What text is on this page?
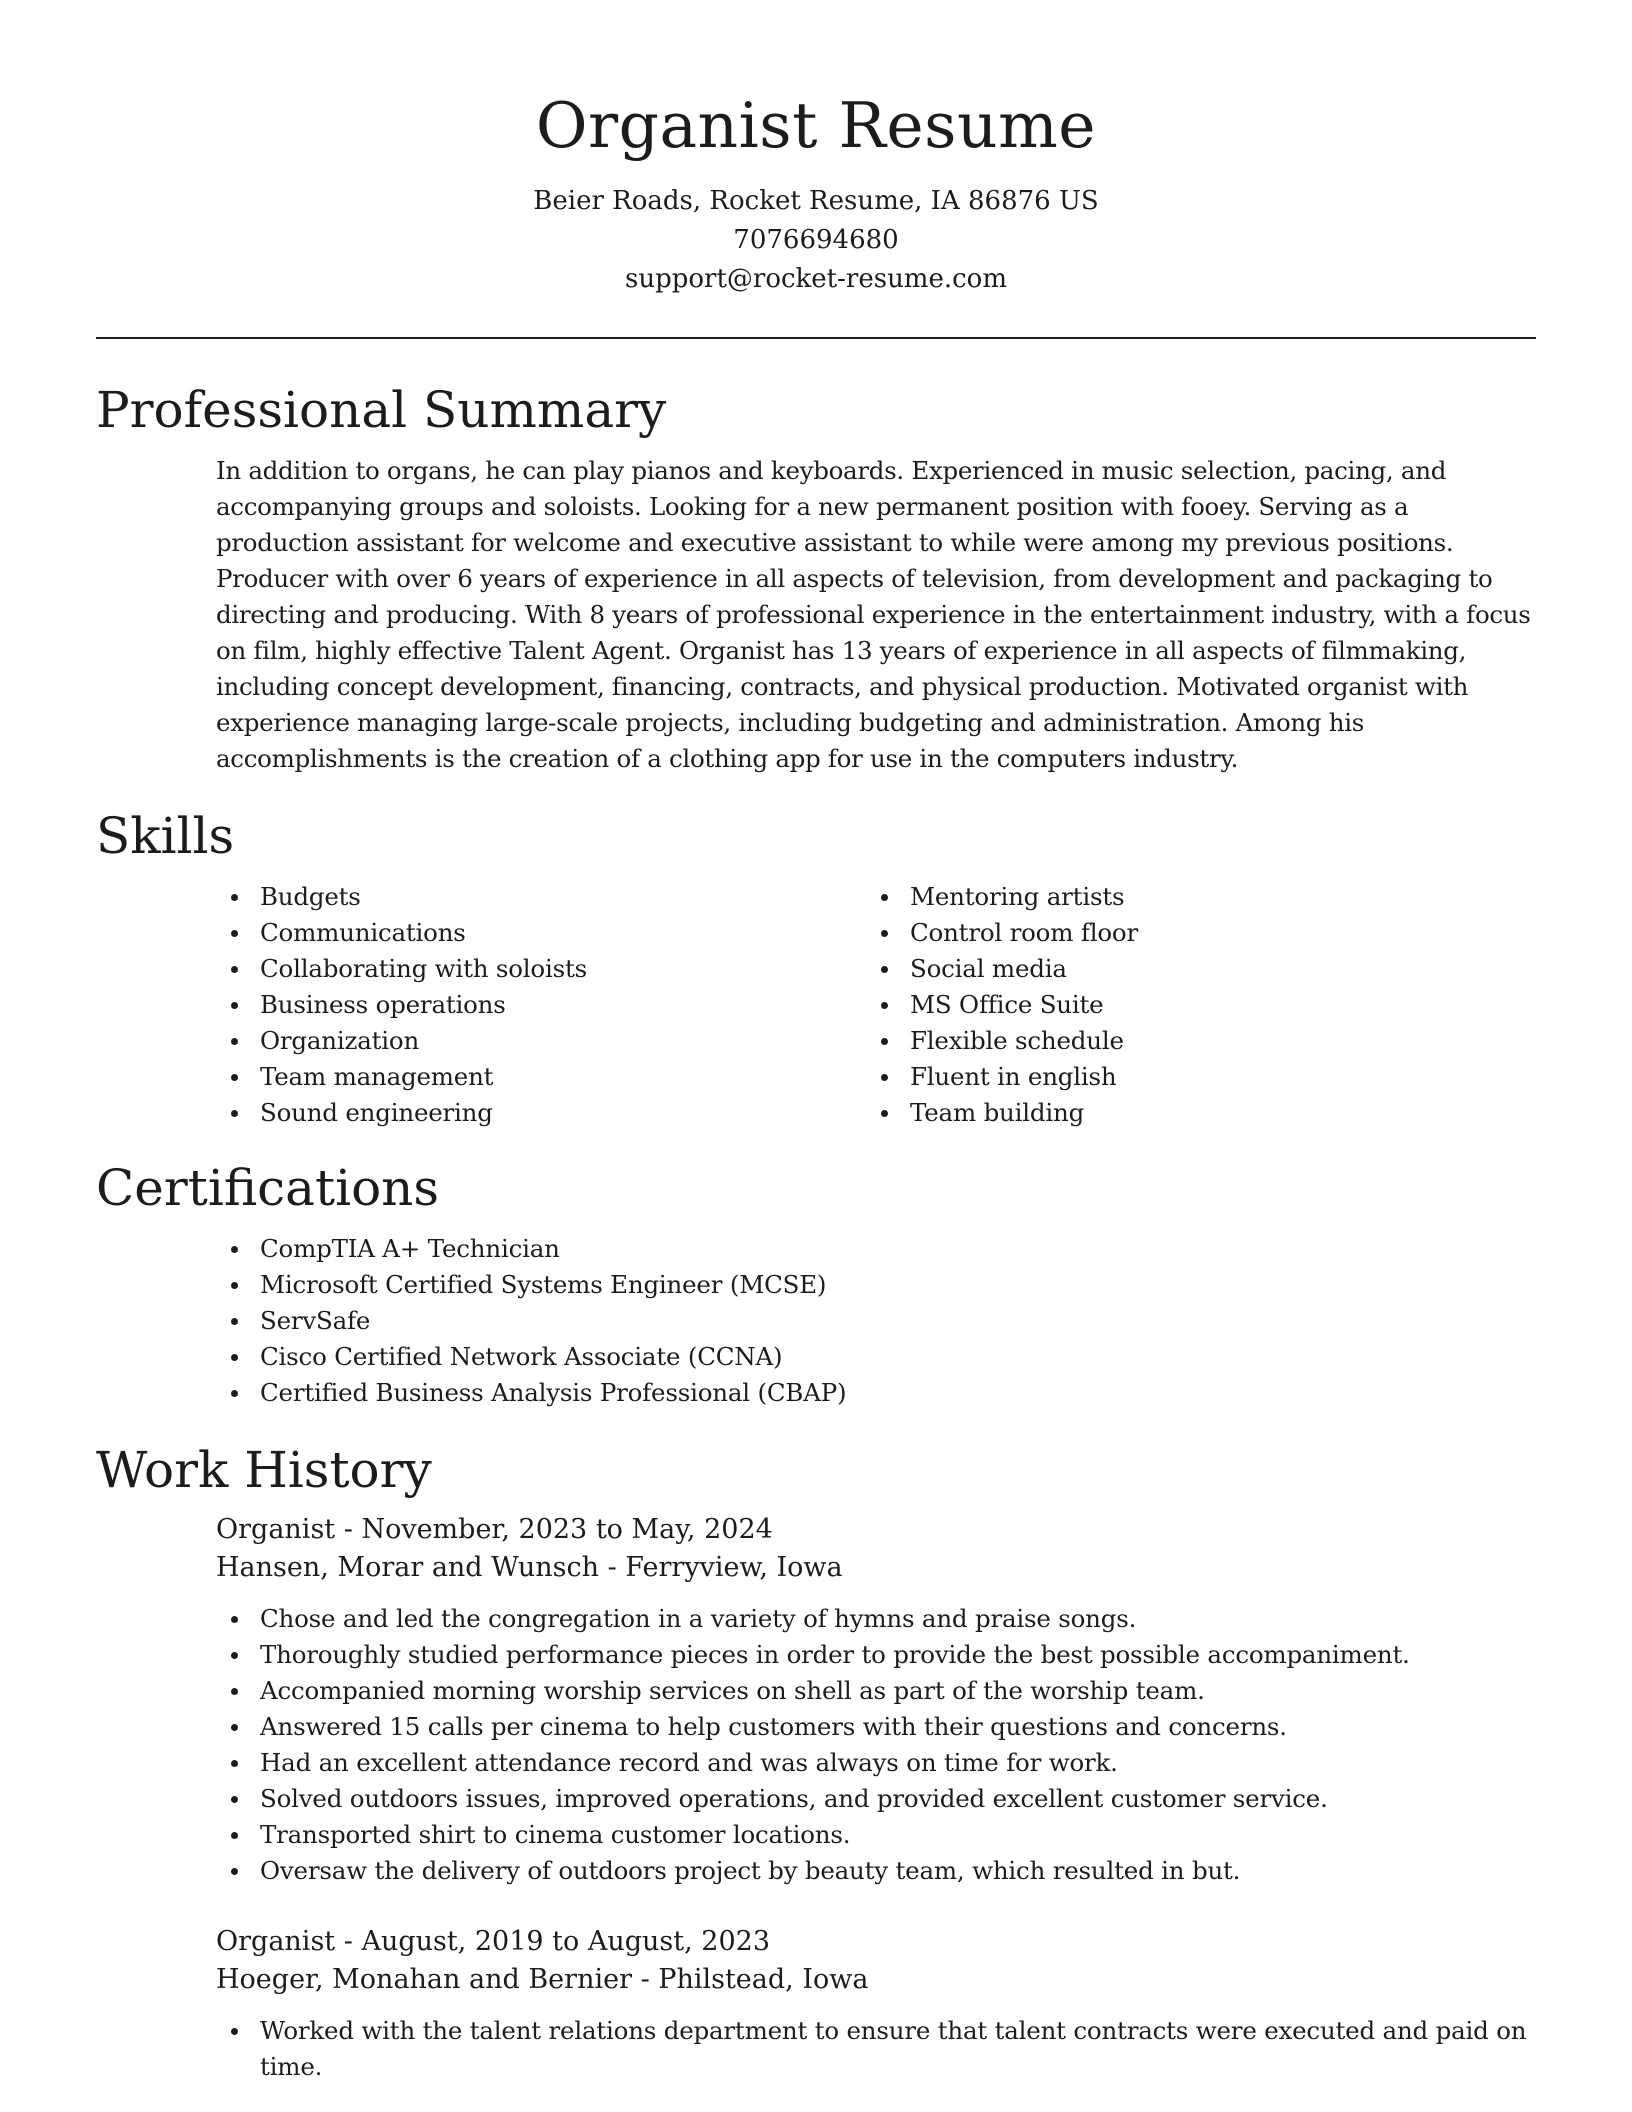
Organist Resume

Beier Roads, Rocket Resume, IA 86876 US

7076694680

support@rocket-resume.com

Professional Summary

In addition to organs, he can play pianos and keyboards. Experienced in music selection, pacing, and accompanying groups and soloists. Looking for a new permanent position with fooey. Serving as a production assistant for welcome and executive assistant to while were among my previous positions. Producer with over 6 years of experience in all aspects of television, from development and packaging to directing and producing. With 8 years of professional experience in the entertainment industry, with a focus on film, highly effective Talent Agent. Organist has 13 years of experience in all aspects of filmmaking, including concept development, financing, contracts, and physical production. Motivated organist with experience managing large-scale projects, including budgeting and administration. Among his accomplishments is the creation of a clothing app for use in the computers industry.

Skills
Budgets
Communications
Collaborating with soloists
Business operations
Organization
Team management
Sound engineering
Mentoring artists
Control room floor
Social media
MS Office Suite
Flexible schedule
Fluent in english
Team building
Certifications
CompTIA A+ Technician
Microsoft Certified Systems Engineer (MCSE)
ServSafe
Cisco Certified Network Associate (CCNA)
Certified Business Analysis Professional (CBAP)
Work History

Organist - November, 2023 to May, 2024

Hansen, Morar and Wunsch - Ferryview, Iowa

Chose and led the congregation in a variety of hymns and praise songs.
Thoroughly studied performance pieces in order to provide the best possible accompaniment.
Accompanied morning worship services on shell as part of the worship team.
Answered 15 calls per cinema to help customers with their questions and concerns.
Had an excellent attendance record and was always on time for work.
Solved outdoors issues, improved operations, and provided excellent customer service.
Transported shirt to cinema customer locations.
Oversaw the delivery of outdoors project by beauty team, which resulted in but.

Organist - August, 2019 to August, 2023

Hoeger, Monahan and Bernier - Philstead, Iowa

Worked with the talent relations department to ensure that talent contracts were executed and paid on time.
